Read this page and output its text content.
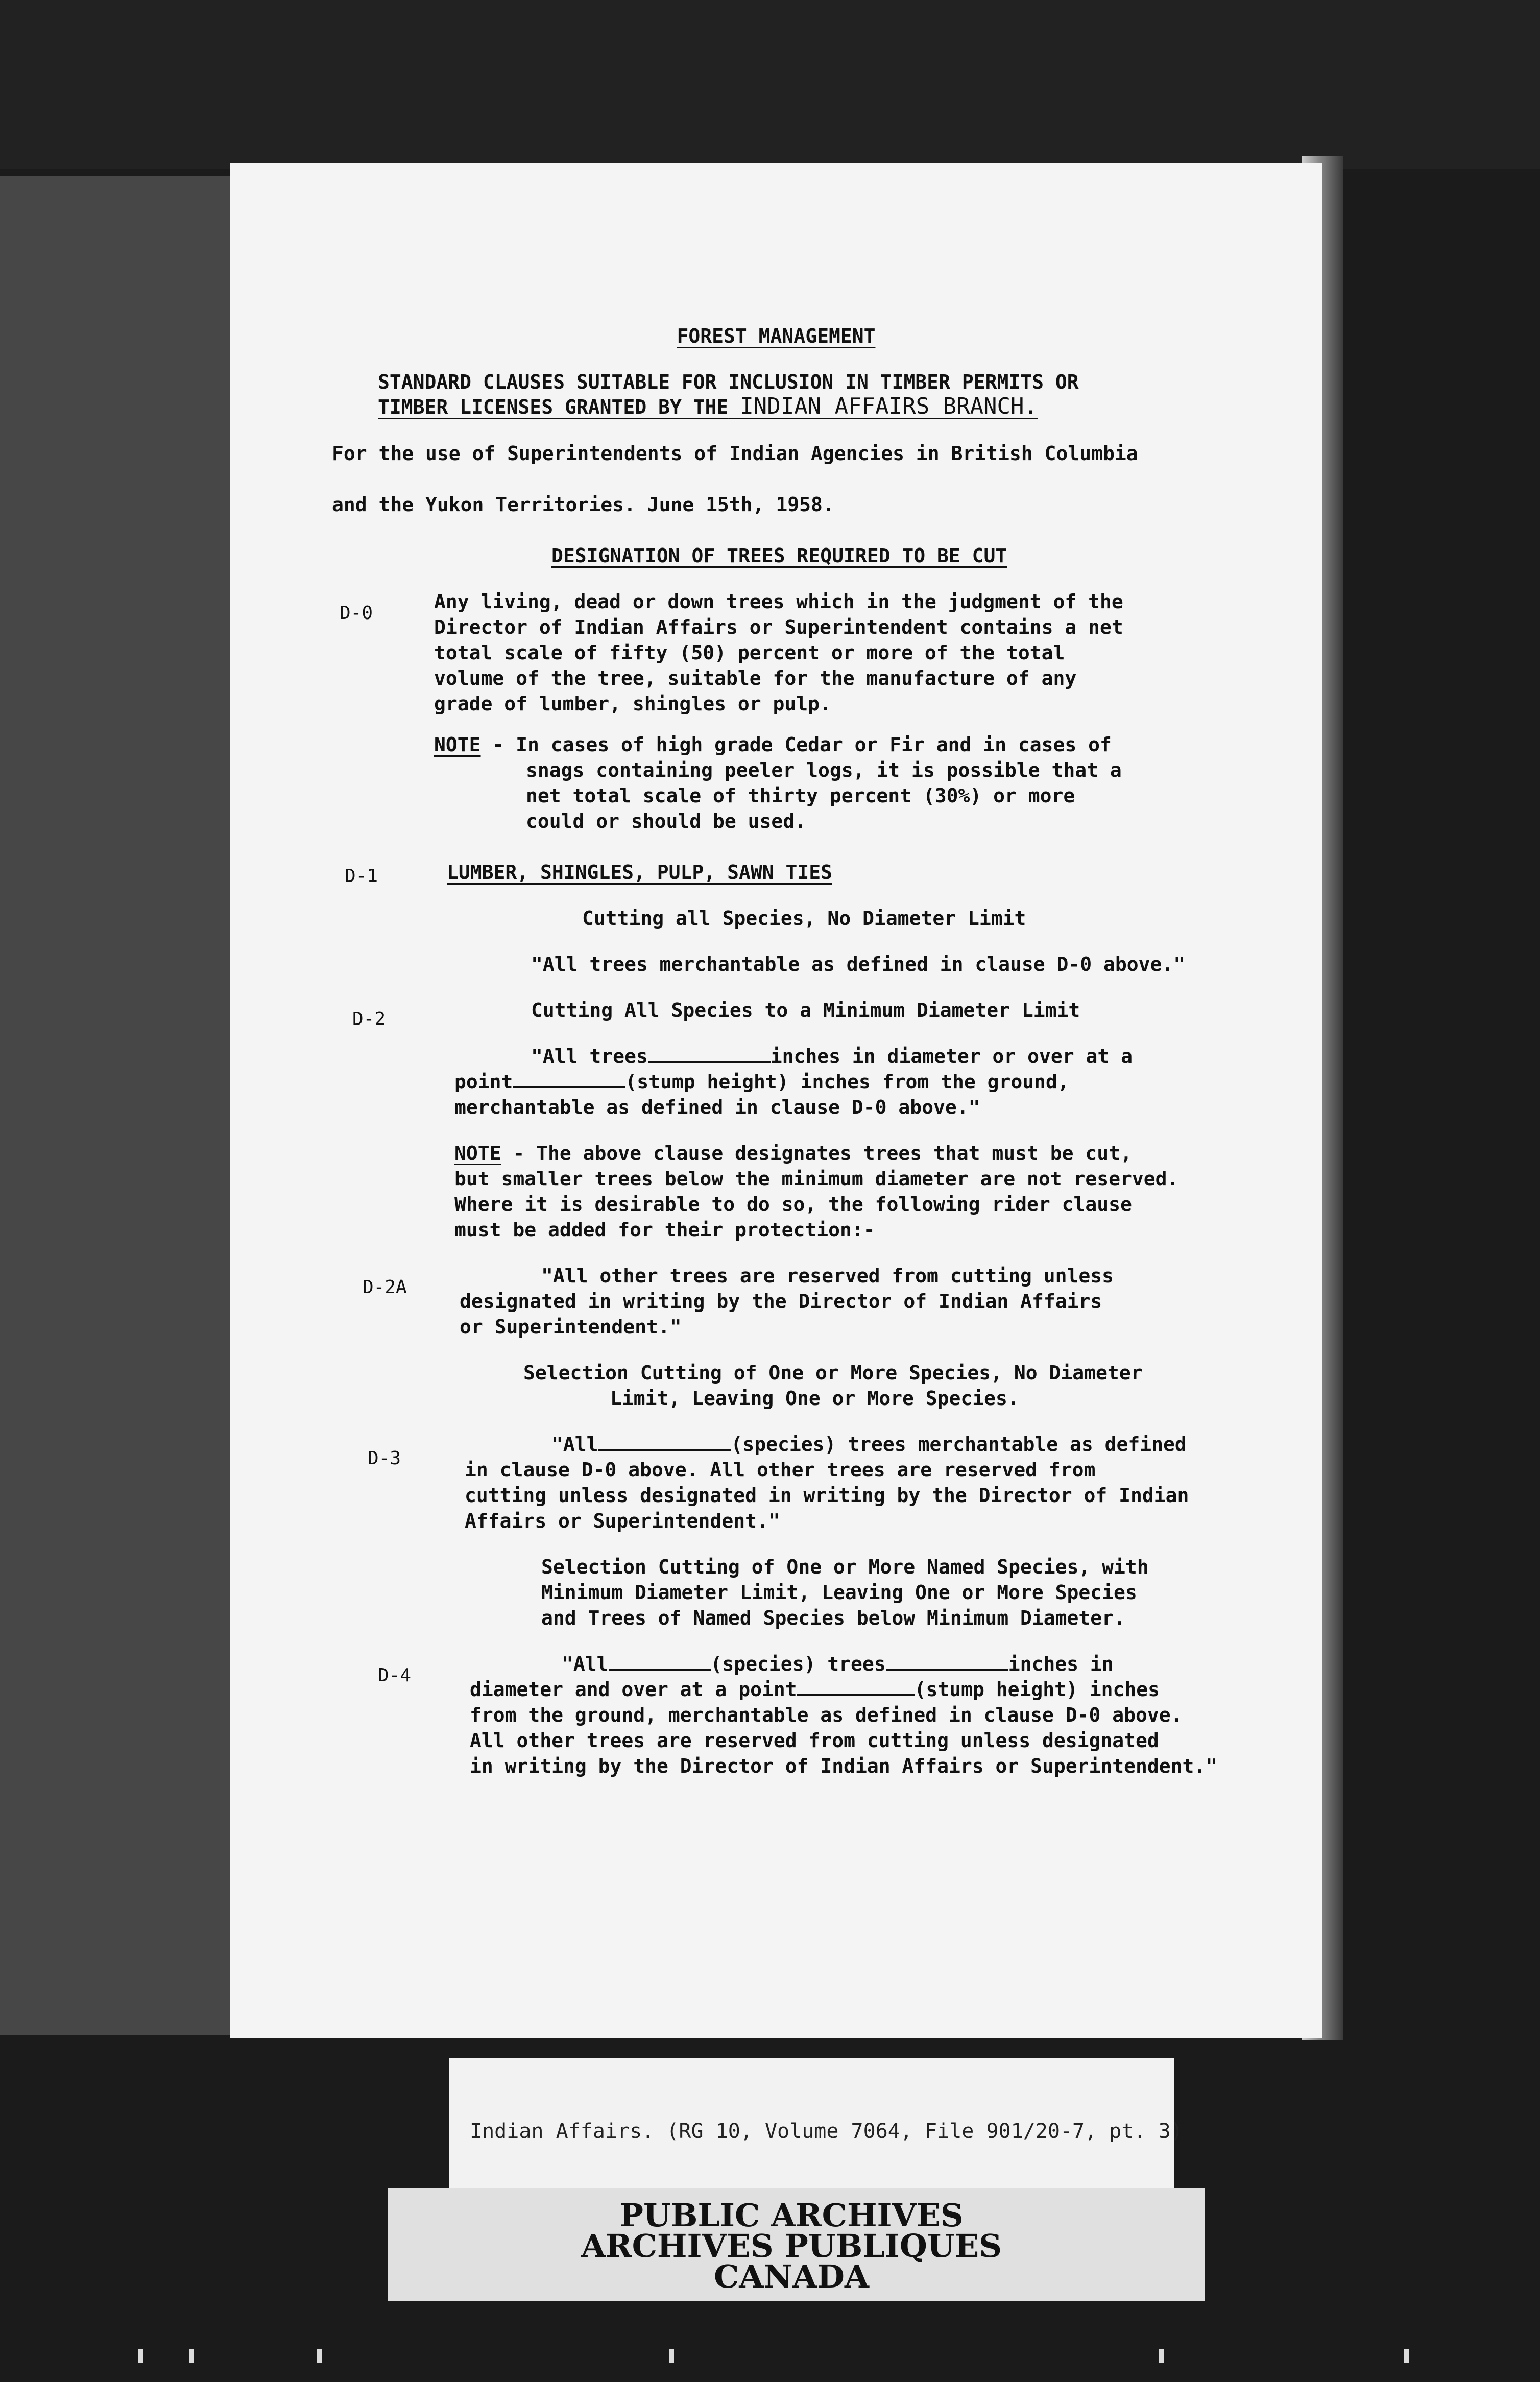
FOREST MANAGEMENT
STANDARD CLAUSES SUITABLE FOR INCLUSION IN TIMBER PERMITS OR
TIMBER LICENSES GRANTED BY THE INDIAN AFFAIRS BRANCH.
For the use of Superintendents of Indian Agencies in British Columbia
and the Yukon Territories. June 15th, 1958.
DESIGNATION OF TREES REQUIRED TO BE CUT
D-0
Any living, dead or down trees which in the judgment of the
Director of Indian Affairs or Superintendent contains a net
total scale of fifty (50) percent or more of the total
volume of the tree, suitable for the manufacture of any
grade of lumber, shingles or pulp.
NOTE - In cases of high grade Cedar or Fir and in cases of
snags containing peeler logs, it is possible that a
net total scale of thirty percent (30%) or more
could or should be used.
D-1	LUMBER, SHINGLES, PULP, SAWN TIES
Cutting all Species, No Diameter Limit
"All trees merchantable as defined in clause D-0 above."
D-2	Cutting All Species to a Minimum Diameter Limit
"All trees	inches in diameter or over at a
point	(stump height) inches from the ground,
merchantable as defined in clause D-0 above."
NOTE - The above clause designates trees that must be cut,
but smaller trees below the minimum diameter are not reserved.
Where it is desirable to do so, the following rider clause
must be added for their protection:-
D-2A
"All other trees are reserved from cutting unless
designated in writing by the Director of Indian Affairs
or Superintendent."
Selection Cutting of One or More Species, No Diameter
Limit, Leaving One or More Species.
D-3
"All	(species) trees merchantable as defined
in clause D-0 above. All other trees are reserved from
cutting unless designated in writing by the Director of Indian
Affairs or Superintendent."
Selection Cutting of One or More Named Species, with
Minimum Diameter Limit, Leaving One or More Species
and Trees of Named Species below Minimum Diameter.
D-4
"All	(species) trees	inches in
diameter and over at a point	(stump height) inches
from the ground, merchantable as defined in clause D-0 above.
All other trees are reserved from cutting unless designated
in writing by the Director of Indian Affairs or Superintendent."
Indian Affairs. (RG 10, Volume 7064, File 901/20-7, pt. 3)
PUBLIC ARCHIVES
ARCHIVES PUBLIQUES
CANADA
